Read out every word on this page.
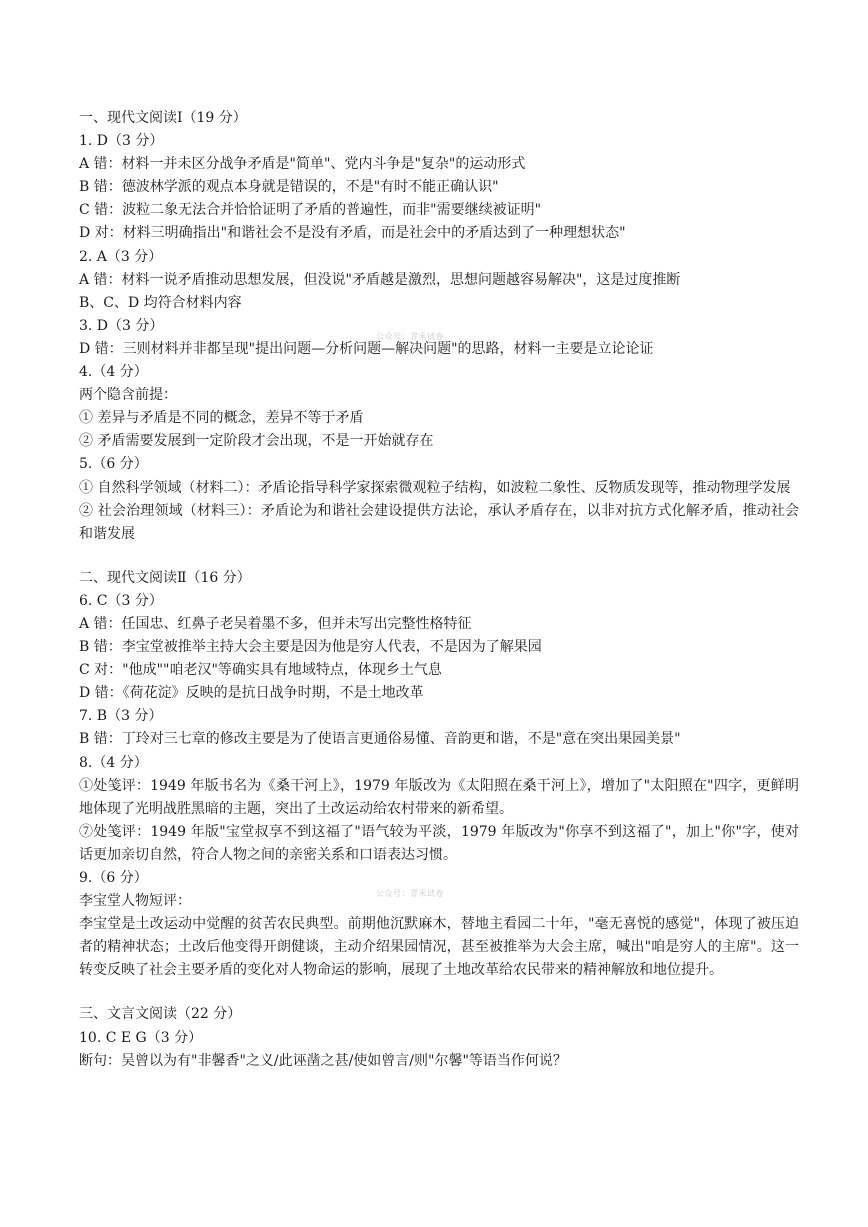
一、现代文阅读Ⅰ（19 分）
1. D（3 分）
A 错：材料一并未区分战争矛盾是"简单"、党内斗争是"复杂"的运动形式
B 错：德波林学派的观点本身就是错误的，不是"有时不能正确认识"
C 错：波粒二象无法合并恰恰证明了矛盾的普遍性，而非"需要继续被证明"
D 对：材料三明确指出"和谐社会不是没有矛盾，而是社会中的矛盾达到了一种理想状态"
2. A（3 分）
A 错：材料一说矛盾推动思想发展，但没说"矛盾越是激烈，思想问题越容易解决"，这是过度推断
B、C、D 均符合材料内容
3. D（3 分）
D 错：三则材料并非都呈现"提出问题—分析问题—解决问题"的思路，材料一主要是立论论证
4.（4 分）
两个隐含前提：
① 差异与矛盾是不同的概念，差异不等于矛盾
② 矛盾需要发展到一定阶段才会出现，不是一开始就存在
5.（6 分）
① 自然科学领域（材料二）：矛盾论指导科学家探索微观粒子结构，如波粒二象性、反物质发现等，推动物理学发展
② 社会治理领域（材料三）：矛盾论为和谐社会建设提供方法论，承认矛盾存在，以非对抗方式化解矛盾，推动社会和谐发展
二、现代文阅读Ⅱ（16 分）
6. C（3 分）
A 错：任国忠、红鼻子老吴着墨不多，但并未写出完整性格特征
B 错：李宝堂被推举主持大会主要是因为他是穷人代表，不是因为了解果园
C 对："他成""咱老汉"等确实具有地域特点，体现乡土气息
D 错：《荷花淀》反映的是抗日战争时期，不是土地改革
7. B（3 分）
B 错：丁玲对三七章的修改主要是为了使语言更通俗易懂、音韵更和谐，不是"意在突出果园美景"
8.（4 分）
①处笺评：1949 年版书名为《桑干河上》，1979 年版改为《太阳照在桑干河上》，增加了"太阳照在"四字，更鲜明地体现了光明战胜黑暗的主题，突出了土改运动给农村带来的新希望。
⑦处笺评：1949 年版"宝堂叔享不到这福了"语气较为平淡，1979 年版改为"你享不到这福了"，加上"你"字，使对话更加亲切自然，符合人物之间的亲密关系和口语表达习惯。
9.（6 分）
李宝堂人物短评：
李宝堂是土改运动中觉醒的贫苦农民典型。前期他沉默麻木，替地主看园二十年，"毫无喜悦的感觉"，体现了被压迫者的精神状态；土改后他变得开朗健谈，主动介绍果园情况，甚至被推举为大会主席，喊出"咱是穷人的主席"。这一转变反映了社会主要矛盾的变化对人物命运的影响，展现了土地改革给农民带来的精神解放和地位提升。
三、文言文阅读（22 分）
10. C E G（3 分）
断句：吴曾以为有"非馨香"之义/此诬凿之甚/使如曾言/则"尔馨"等语当作何说？
公众号：青禾试卷
公众号：青禾试卷
